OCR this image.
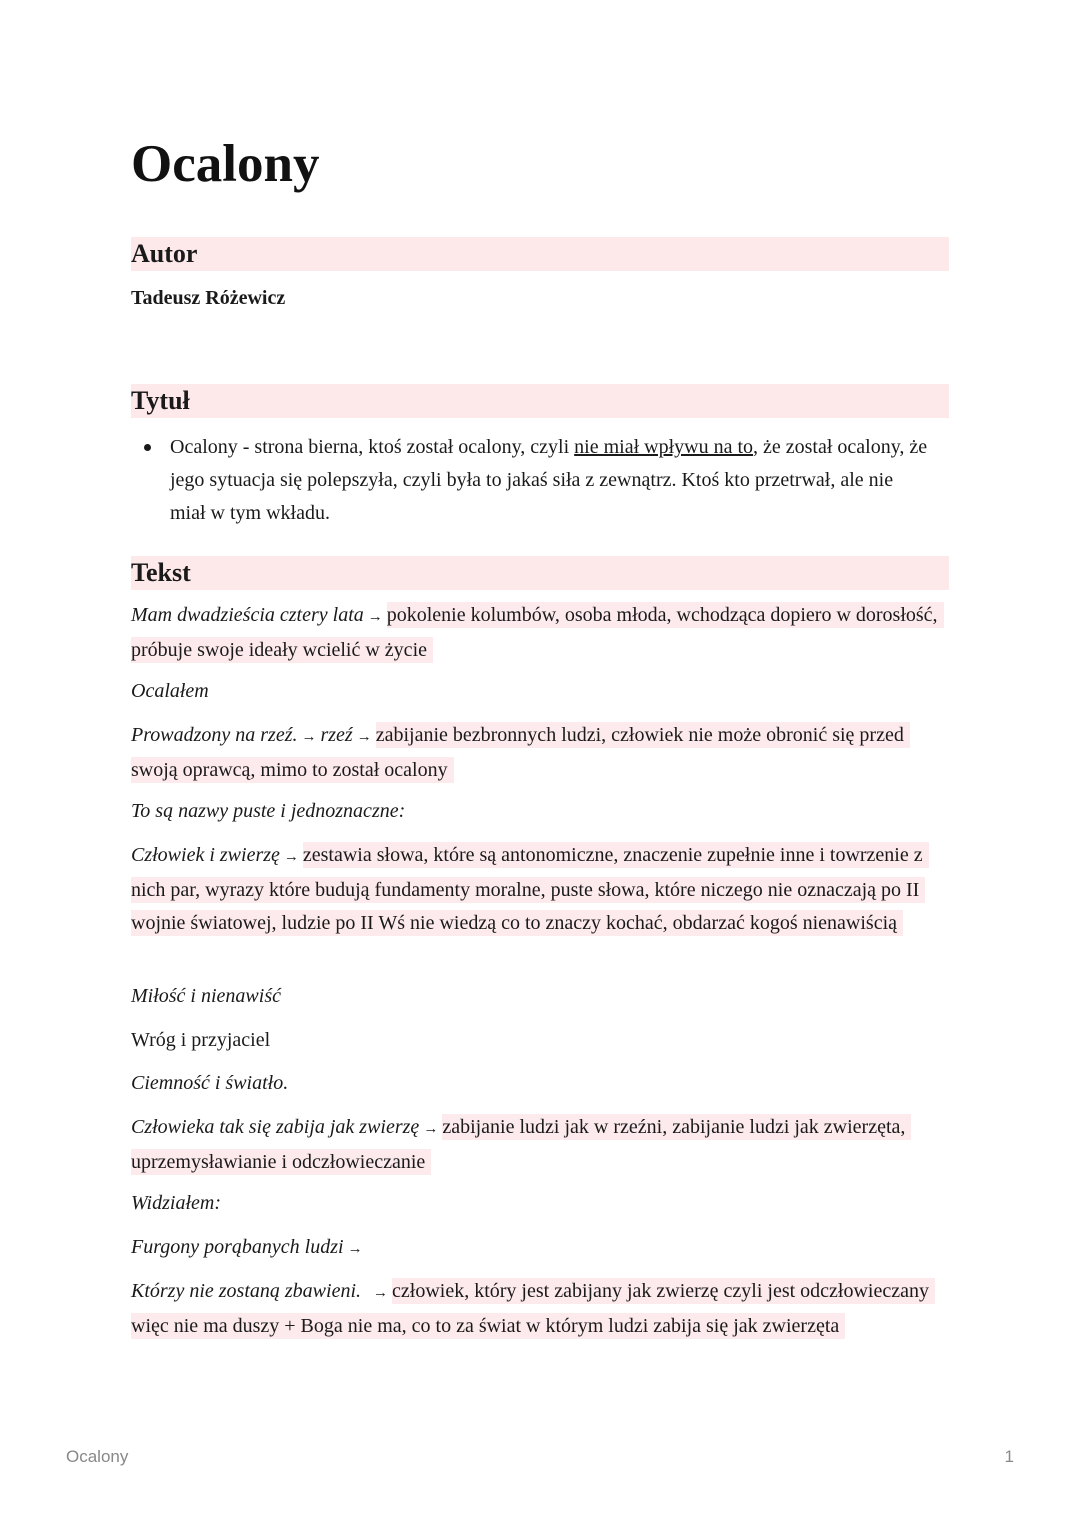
Ocalony
Autor
Tadeusz Różewicz
Tytuł
Ocalony - strona bierna, ktoś został ocalony, czyli nie miał wpływu na to, że został ocalony, że jego sytuacja się polepszyła, czyli była to jakaś siła z zewnątrz. Ktoś kto przetrwał, ale nie miał w tym wkładu.
Tekst

Mam dwadzieścia cztery lata → pokolenie kolumbów, osoba młoda, wchodząca dopiero w dorosłość, próbuje swoje ideały wcielić w życie

Ocalałem

Prowadzony na rzeź. → rzeź → zabijanie bezbronnych ludzi, człowiek nie może obronić się przed swoją oprawcą, mimo to został ocalony

To są nazwy puste i jednoznaczne:

Człowiek i zwierzę → zestawia słowa, które są antonomiczne, znaczenie zupełnie inne i towrzenie z nich par, wyrazy które budują fundamenty moralne, puste słowa, które niczego nie oznaczają po II wojnie światowej, ludzie po II Wś nie wiedzą co to znaczy kochać, obdarzać kogoś nienawiścią

Miłość i nienawiść

Wróg i przyjaciel

Ciemność i światło.

Człowieka tak się zabija jak zwierzę → zabijanie ludzi jak w rzeźni, zabijanie ludzi jak zwierzęta, uprzemysławianie i odczłowieczanie

Widziałem:

Furgony porąbanych ludzi →

Którzy nie zostaną zbawieni. → człowiek, który jest zabijany jak zwierzę czyli jest odczłowieczany więc nie ma duszy + Boga nie ma, co to za świat w którym ludzi zabija się jak zwierzęta

Ocalony	1
